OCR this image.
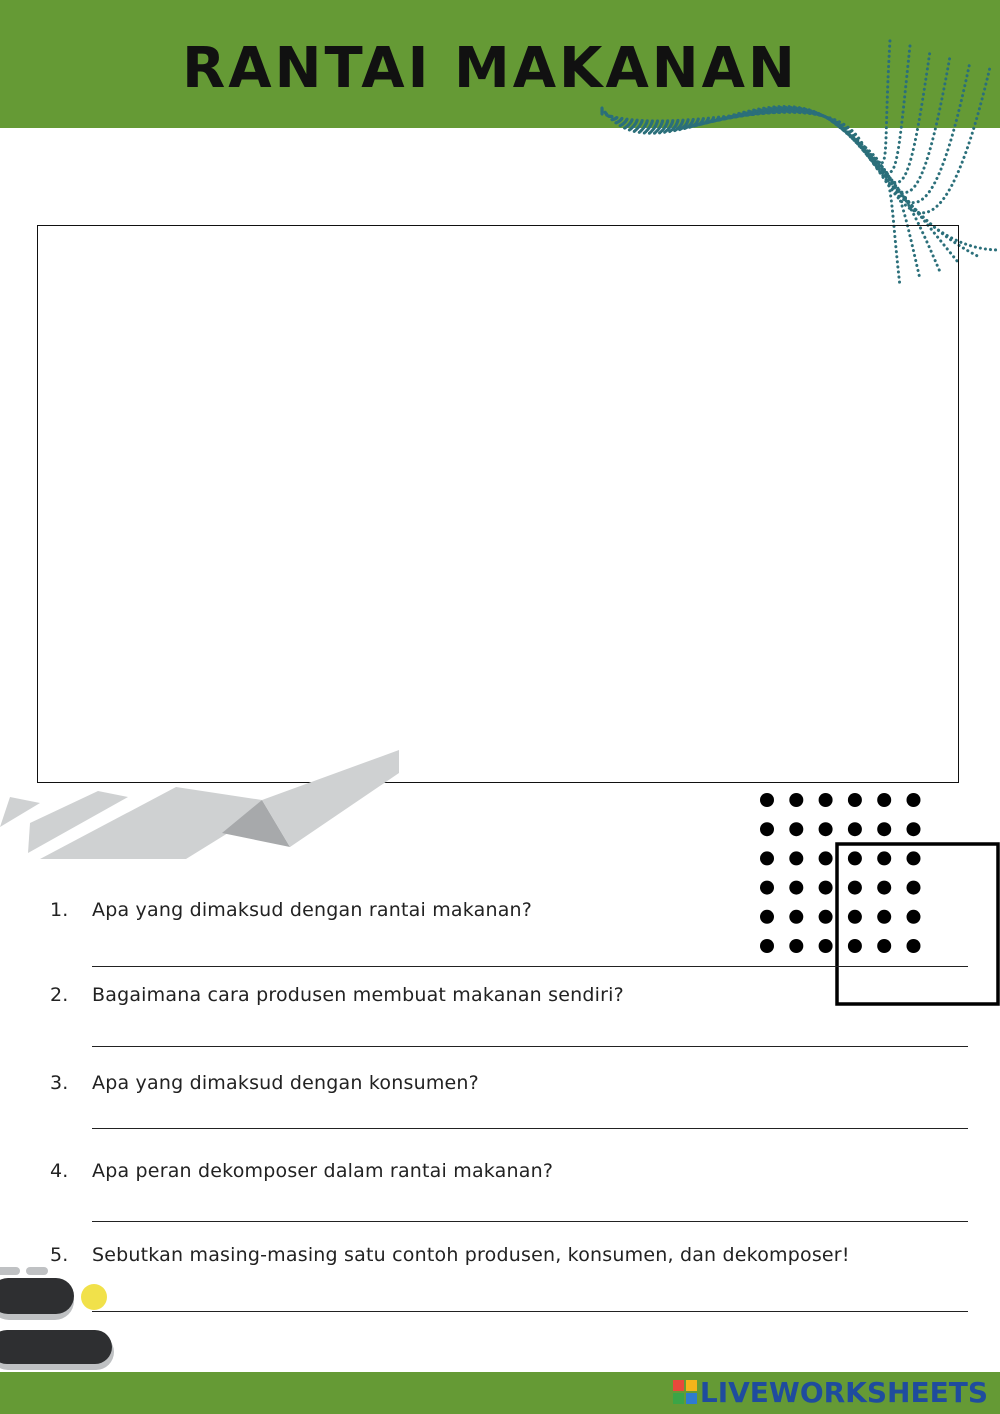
RANTAI MAKANAN
1. Apa yang dimaksud dengan rantai makanan?
2. Bagaimana cara produsen membuat makanan sendiri?
3. Apa yang dimaksud dengan konsumen?
4. Apa peran dekomposer dalam rantai makanan?
5. Sebutkan masing-masing satu contoh produsen, konsumen, dan dekomposer!
LIVEWORKSHEETS
